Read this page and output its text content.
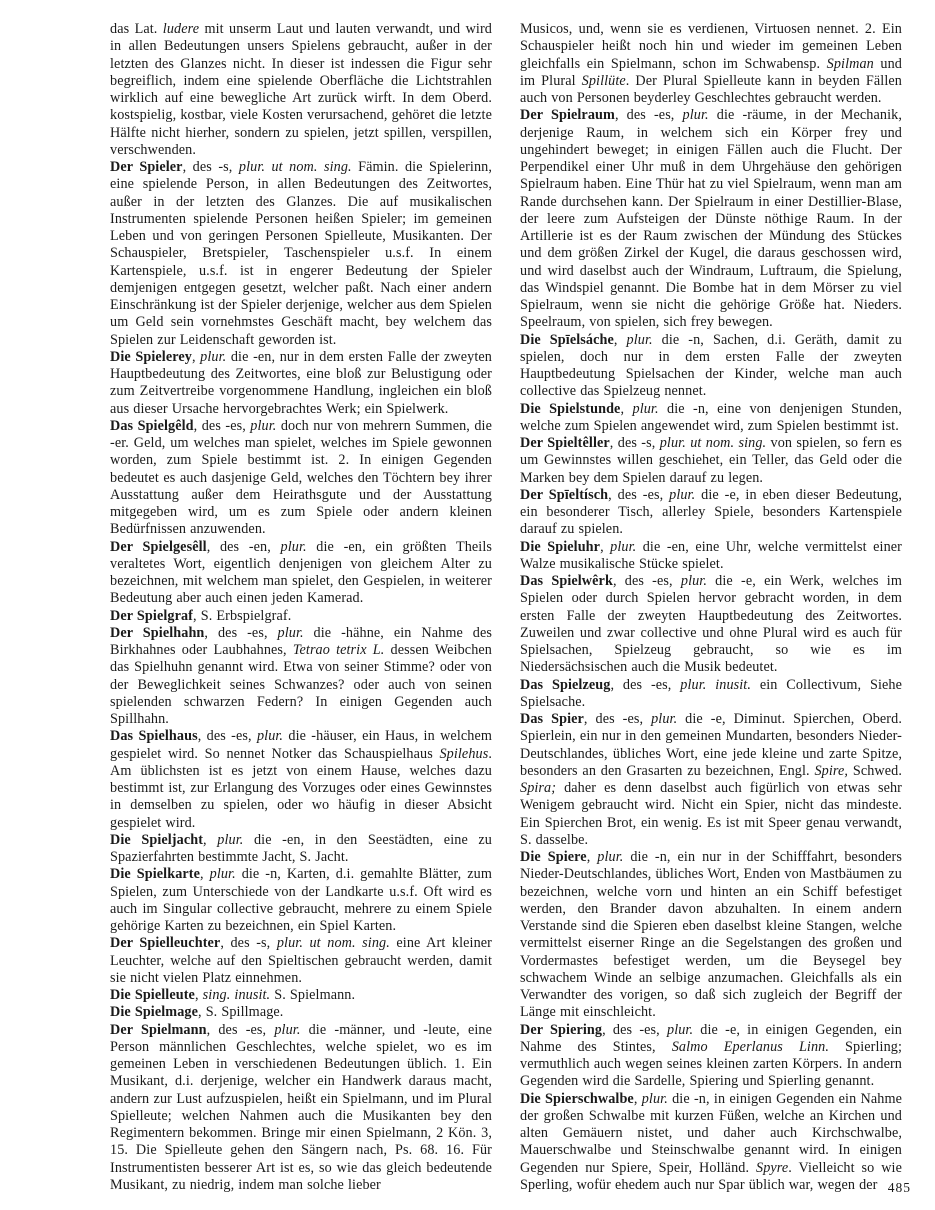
das Lat. ludere mit unserm Laut und lauten verwandt, und wird in allen Bedeutungen unsers Spielens gebraucht, außer in der letzten des Glanzes nicht. In dieser ist indessen die Figur sehr begreiflich, indem eine spielende Oberfläche die Lichtstrahlen wirklich auf eine bewegliche Art zurück wirft. In dem Oberd. kostspielig, kostbar, viele Kosten verursachend, gehöret die letzte Hälfte nicht hierher, sondern zu spielen, jetzt spillen, verspillen, verschwenden.

Der Spieler, des -s, plur. ut nom. sing. Fämin. die Spielerinn, eine spielende Person, in allen Bedeutungen des Zeitwortes, außer in der letzten des Glanzes. Die auf musikalischen Instrumenten spielende Personen heißen Spieler; im gemeinen Leben und von geringen Personen Spielleute, Musikanten. Der Schauspieler, Bretspieler, Taschenspieler u.s.f. In einem Kartenspiele, u.s.f. ist in engerer Bedeutung der Spieler demjenigen entgegen gesetzt, welcher paßt. Nach einer andern Einschränkung ist der Spieler derjenige, welcher aus dem Spielen um Geld sein vornehmstes Geschäft macht, bey welchem das Spielen zur Leidenschaft geworden ist.

Die Spielerey, plur. die -en, nur in dem ersten Falle der zweyten Hauptbedeutung des Zeitwortes, eine bloß zur Belustigung oder zum Zeitvertreibe vorgenommene Handlung, ingleichen ein bloß aus dieser Ursache hervorgebrachtes Werk; ein Spielwerk.

Das Spielgêld, des -es, plur. doch nur von mehrern Summen, die -er. Geld, um welches man spielet, welches im Spiele gewonnen worden, zum Spiele bestimmt ist. 2. In einigen Gegenden bedeutet es auch dasjenige Geld, welches den Töchtern bey ihrer Ausstattung außer dem Heirathsgute und der Ausstattung mitgegeben wird, um es zum Spiele oder andern kleinen Bedürfnissen anzuwenden.

Der Spielgesêll, des -en, plur. die -en, ein größten Theils veraltetes Wort, eigentlich denjenigen von gleichem Alter zu bezeichnen, mit welchem man spielet, den Gespielen, in weiterer Bedeutung aber auch einen jeden Kamerad.

Der Spielgraf, S. Erbspielgraf.

Der Spielhahn, des -es, plur. die -hähne, ein Nahme des Birkhahnes oder Laubhahnes, Tetrao tetrix L. dessen Weibchen das Spielhuhn genannt wird. Etwa von seiner Stimme? oder von der Beweglichkeit seines Schwanzes? oder auch von seinen spielenden schwarzen Federn? In einigen Gegenden auch Spillhahn.

Das Spielhaus, des -es, plur. die -häuser, ein Haus, in welchem gespielet wird. So nennet Notker das Schauspielhaus Spilehus. Am üblichsten ist es jetzt von einem Hause, welches dazu bestimmt ist, zur Erlangung des Vorzuges oder eines Gewinnstes in demselben zu spielen, oder wo häufig in dieser Absicht gespielet wird.

Die Spieljacht, plur. die -en, in den Seestädten, eine zu Spazierfahrten bestimmte Jacht, S. Jacht.

Die Spielkarte, plur. die -n, Karten, d.i. gemahlte Blätter, zum Spielen, zum Unterschiede von der Landkarte u.s.f. Oft wird es auch im Singular collective gebraucht, mehrere zu einem Spiele gehörige Karten zu bezeichnen, ein Spiel Karten.

Der Spielleuchter, des -s, plur. ut nom. sing. eine Art kleiner Leuchter, welche auf den Spieltischen gebraucht werden, damit sie nicht vielen Platz einnehmen.

Die Spielleute, sing. inusit. S. Spielmann.

Die Spielmage, S. Spillmage.

Der Spielmann, des -es, plur. die -männer, und -leute, eine Person männlichen Geschlechtes, welche spielet, wo es im gemeinen Leben in verschiedenen Bedeutungen üblich. 1. Ein Musikant, d.i. derjenige, welcher ein Handwerk daraus macht, andern zur Lust aufzuspielen, heißt ein Spielmann, und im Plural Spielleute; welchen Nahmen auch die Musikanten bey den Regimentern bekommen. Bringe mir einen Spielmann, 2 Kön. 3, 15. Die Spielleute gehen den Sängern nach, Ps. 68. 16. Für Instrumentisten besserer Art ist es, so wie das gleich bedeutende Musikant, zu niedrig, indem man solche lieber

Musicos, und, wenn sie es verdienen, Virtuosen nennet. 2. Ein Schauspieler heißt noch hin und wieder im gemeinen Leben gleichfalls ein Spielmann, schon im Schwabensp. Spilman und im Plural Spillüte. Der Plural Spielleute kann in beyden Fällen auch von Personen beyderley Geschlechtes gebraucht werden.

Der Spielraum, des -es, plur. die -räume, in der Mechanik, derjenige Raum, in welchem sich ein Körper frey und ungehindert beweget; in einigen Fällen auch die Flucht. Der Perpendikel einer Uhr muß in dem Uhrgehäuse den gehörigen Spielraum haben. Eine Thür hat zu viel Spielraum, wenn man am Rande durchsehen kann. Der Spielraum in einer Destillier-Blase, der leere zum Aufsteigen der Dünste nöthige Raum. In der Artillerie ist es der Raum zwischen der Mündung des Stückes und dem größen Zirkel der Kugel, die daraus geschossen wird, und wird daselbst auch der Windraum, Luftraum, die Spielung, das Windspiel genannt. Die Bombe hat in dem Mörser zu viel Spielraum, wenn sie nicht die gehörige Größe hat. Nieders. Speelraum, von spielen, sich frey bewegen.

Die Spīelsáche, plur. die -n, Sachen, d.i. Geräth, damit zu spielen, doch nur in dem ersten Falle der zweyten Hauptbedeutung Spielsachen der Kinder, welche man auch collective das Spielzeug nennet.

Die Spielstunde, plur. die -n, eine von denjenigen Stunden, welche zum Spielen angewendet wird, zum Spielen bestimmt ist.

Der Spieltêller, des -s, plur. ut nom. sing. von spielen, so fern es um Gewinnstes willen geschiehet, ein Teller, das Geld oder die Marken bey dem Spielen darauf zu legen.

Der Spīeltísch, des -es, plur. die -e, in eben dieser Bedeutung, ein besonderer Tisch, allerley Spiele, besonders Kartenspiele darauf zu spielen.

Die Spieluhr, plur. die -en, eine Uhr, welche vermittelst einer Walze musikalische Stücke spielet.

Das Spielwêrk, des -es, plur. die -e, ein Werk, welches im Spielen oder durch Spielen hervor gebracht worden, in dem ersten Falle der zweyten Hauptbedeutung des Zeitwortes. Zuweilen und zwar collective und ohne Plural wird es auch für Spielsachen, Spielzeug gebraucht, so wie es im Niedersächsischen auch die Musik bedeutet.

Das Spielzeug, des -es, plur. inusit. ein Collectivum, Siehe Spielsache.

Das Spier, des -es, plur. die -e, Diminut. Spierchen, Oberd. Spierlein, ein nur in den gemeinen Mundarten, besonders Nieder-Deutschlandes, übliches Wort, eine jede kleine und zarte Spitze, besonders an den Grasarten zu bezeichnen, Engl. Spire, Schwed. Spira; daher es denn daselbst auch figürlich von etwas sehr Wenigem gebraucht wird. Nicht ein Spier, nicht das mindeste. Ein Spierchen Brot, ein wenig. Es ist mit Speer genau verwandt, S. dasselbe.

Die Spiere, plur. die -n, ein nur in der Schifffahrt, besonders Nieder-Deutschlandes, übliches Wort, Enden von Mastbäumen zu bezeichnen, welche vorn und hinten an ein Schiff befestiget werden, den Brander davon abzuhalten. In einem andern Verstande sind die Spieren eben daselbst kleine Stangen, welche vermittelst eiserner Ringe an die Segelstangen des großen und Vordermastes befestiget werden, um die Beysegel bey schwachem Winde an selbige anzumachen. Gleichfalls als ein Verwandter des vorigen, so daß sich zugleich der Begriff der Länge mit einschleicht.

Der Spiering, des -es, plur. die -e, in einigen Gegenden, ein Nahme des Stintes, Salmo Eperlanus Linn. Spierling; vermuthlich auch wegen seines kleinen zarten Körpers. In andern Gegenden wird die Sardelle, Spiering und Spierling genannt.

Die Spierschwalbe, plur. die -n, in einigen Gegenden ein Nahme der großen Schwalbe mit kurzen Füßen, welche an Kirchen und alten Gemäuern nistet, und daher auch Kirchschwalbe, Mauerschwalbe und Steinschwalbe genannt wird. In einigen Gegenden nur Spiere, Speir, Holländ. Spyre. Vielleicht so wie Sperling, wofür ehedem auch nur Spar üblich war, wegen der 485
